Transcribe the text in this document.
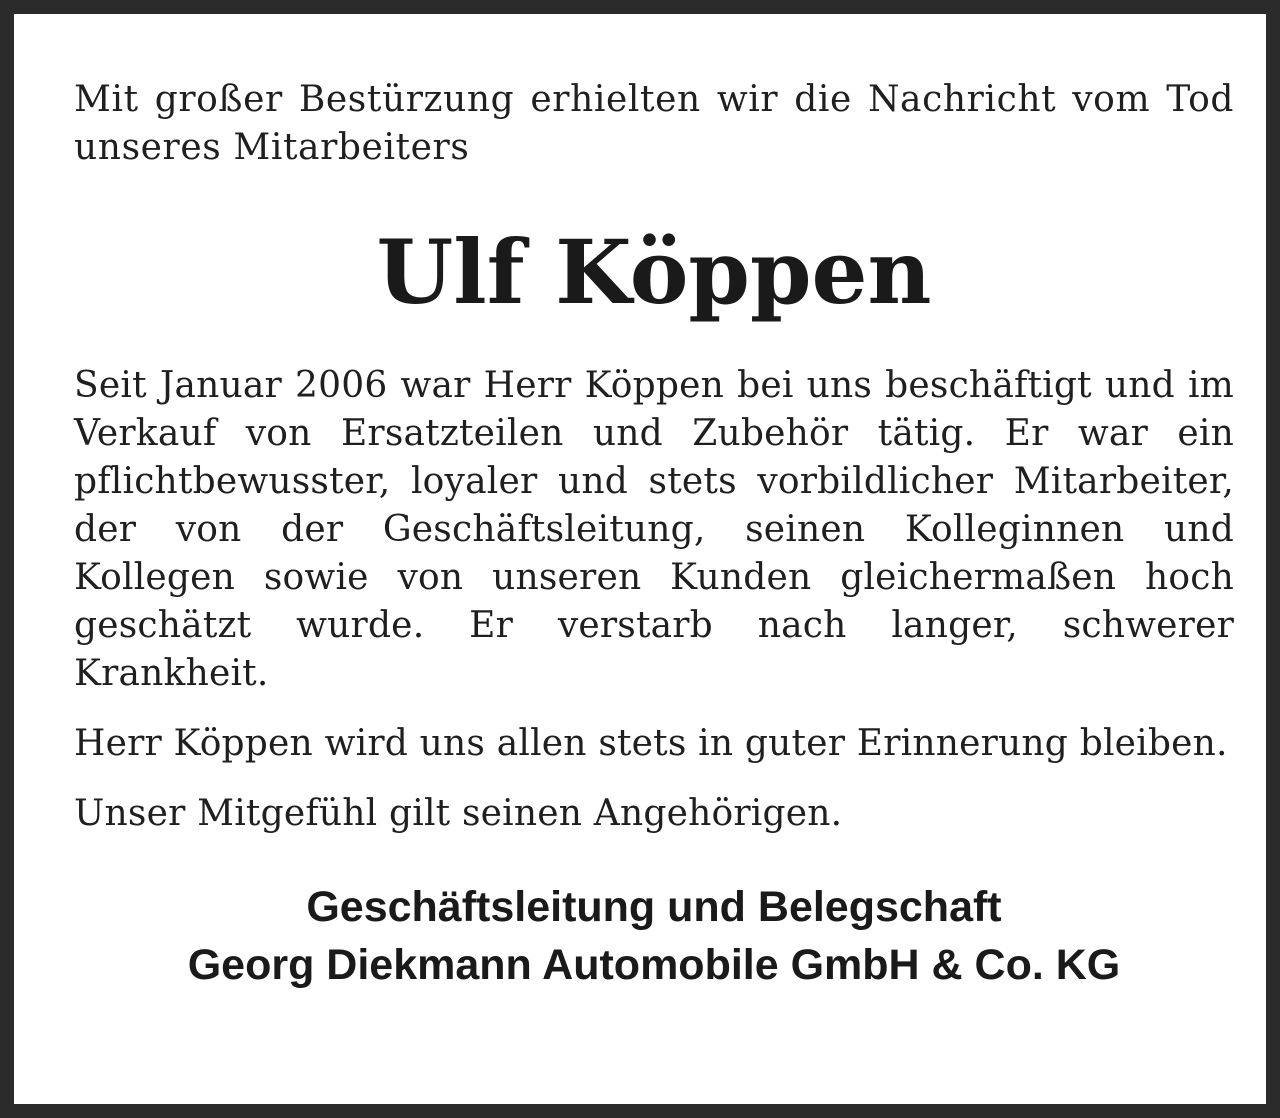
Mit großer Bestürzung erhielten wir die Nachricht vom Tod unseres Mitarbeiters

Ulf Köppen

Seit Januar 2006 war Herr Köppen bei uns beschäftigt und im Verkauf von Ersatzteilen und Zubehör tätig. Er war ein pflichtbewusster, loyaler und stets vorbildlicher Mitarbeiter, der von der Geschäftsleitung, seinen Kolleginnen und Kollegen sowie von unseren Kunden gleichermaßen hoch geschätzt wurde. Er verstarb nach langer, schwerer Krankheit.

Herr Köppen wird uns allen stets in guter Erinnerung bleiben.

Unser Mitgefühl gilt seinen Angehörigen.

Geschäftsleitung und Belegschaft
Georg Diekmann Automobile GmbH & Co. KG
